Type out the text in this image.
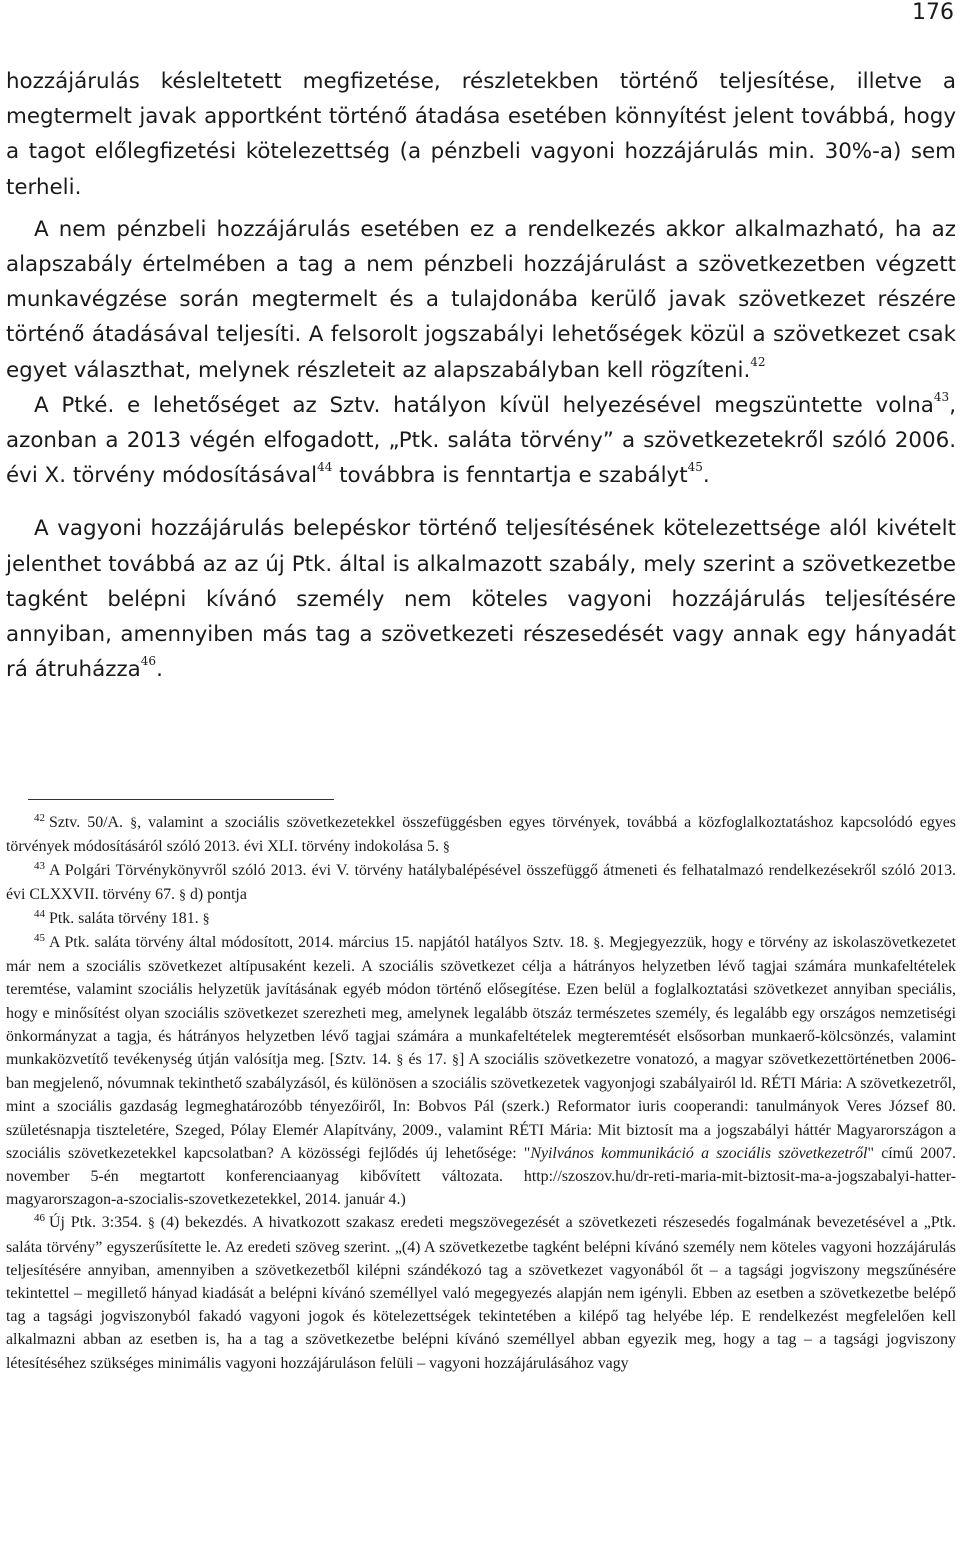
176

hozzájárulás késleltetett megfizetése, részletekben történő teljesítése, illetve a megtermelt javak apportként történő átadása esetében könnyítést jelent továbbá, hogy a tagot előlegfizetési kötelezettség (a pénzbeli vagyoni hozzájárulás min. 30%-a) sem terheli.

A nem pénzbeli hozzájárulás esetében ez a rendelkezés akkor alkalmazható, ha az alapszabály értelmében a tag a nem pénzbeli hozzájárulást a szövetkezetben végzett munkavégzése során megtermelt és a tulajdonába kerülő javak szövetkezet részére történő átadásával teljesíti. A felsorolt jogszabályi lehetőségek közül a szövetkezet csak egyet választhat, melynek részleteit az alapszabályban kell rögzíteni.$^{42}$

A Ptké. e lehetőséget az Sztv. hatályon kívül helyezésével megszüntette volna$^{43}$, azonban a 2013 végén elfogadott, „Ptk. saláta törvény” a szövetkezetekről szóló 2006. évi X. törvény módosításával$^{44}$ továbbra is fenntartja e szabályt$^{45}$.

A vagyoni hozzájárulás belepéskor történő teljesítésének kötelezettsége alól kivételt jelenthet továbbá az az új Ptk. által is alkalmazott szabály, mely szerint a szövetkezetbe tagként belépni kívánó személy nem köteles vagyoni hozzájárulás teljesítésére annyiban, amennyiben más tag a szövetkezeti részesedését vagy annak egy hányadát rá átruházza$^{46}$.

$^{42}$ Sztv. 50/A. §, valamint a szociális szövetkezetekkel összefüggésben egyes törvények, továbbá a közfoglalkoztatáshoz kapcsolódó egyes törvények módosításáról szóló 2013. évi XLI. törvény indokolása 5. §

$^{43}$ A Polgári Törvénykönyvről szóló 2013. évi V. törvény hatálybalépésével összefüggő átmeneti és felhatalmazó rendelkezésekről szóló 2013. évi CLXXVII. törvény 67. § d) pontja

$^{44}$ Ptk. saláta törvény 181. §

$^{45}$ A Ptk. saláta törvény által módosított, 2014. március 15. napjától hatályos Sztv. 18. §. Megjegyezzük, hogy e törvény az iskolaszövetkezetet már nem a szociális szövetkezet altípusaként kezeli. A szociális szövetkezet célja a hátrányos helyzetben lévő tagjai számára munkafeltételek teremtése, valamint szociális helyzetük javításának egyéb módon történő elősegítése. Ezen belül a foglalkoztatási szövetkezet annyiban speciális, hogy e minősítést olyan szociális szövetkezet szerezheti meg, amelynek legalább ötszáz természetes személy, és legalább egy országos nemzetiségi önkormányzat a tagja, és hátrányos helyzetben lévő tagjai számára a munkafeltételek megteremtését elsősorban munkaerő-kölcsönzés, valamint munkaközvetítő tevékenység útján valósítja meg. [Sztv. 14. § és 17. §] A szociális szövetkezetre vonatozó, a magyar szövetkezettörténetben 2006-ban megjelenő, nóvumnak tekinthető szabályzásól, és különösen a szociális szövetkezetek vagyonjogi szabályairól ld. RÉTI Mária: A szövetkezetről, mint a szociális gazdaság legmeghatározóbb tényezőiről, In: Bobvos Pál (szerk.) Reformator iuris cooperandi: tanulmányok Veres József 80. születésnapja tiszteletére, Szeged, Pólay Elemér Alapítvány, 2009., valamint RÉTI Mária: Mit biztosít ma a jogszabályi háttér Magyarországon a szociális szövetkezetekkel kapcsolatban? A közösségi fejlődés új lehetősége: "Nyilvános kommunikáció a szociális szövetkezetről" című 2007. november 5-én megtartott konferenciaanyag kibővített változata. http://szoszov.hu/dr-reti-maria-mit-biztosit-ma-a-jogszabalyi-hatter-magyarorszagon-a-szocialis-szovetkezetekkel, 2014. január 4.)

$^{46}$ Új Ptk. 3:354. § (4) bekezdés. A hivatkozott szakasz eredeti megszövegezését a szövetkezeti részesedés fogalmának bevezetésével a „Ptk. saláta törvény” egyszerűsítette le. Az eredeti szöveg szerint. „(4) A szövetkezetbe tagként belépni kívánó személy nem köteles vagyoni hozzájárulás teljesítésére annyiban, amennyiben a szövetkezetből kilépni szándékozó tag a szövetkezet vagyonából őt – a tagsági jogviszony megszűnésére tekintettel – megillető hányad kiadását a belépni kívánó személlyel való megegyezés alapján nem igényli. Ebben az esetben a szövetkezetbe belépő tag a tagsági jogviszonyból fakadó vagyoni jogok és kötelezettségek tekintetében a kilépő tag helyébe lép. E rendelkezést megfelelően kell alkalmazni abban az esetben is, ha a tag a szövetkezetbe belépni kívánó személlyel abban egyezik meg, hogy a tag – a tagsági jogviszony létesítéséhez szükséges minimális vagyoni hozzájáruláson felüli – vagyoni hozzájárulásához vagy
